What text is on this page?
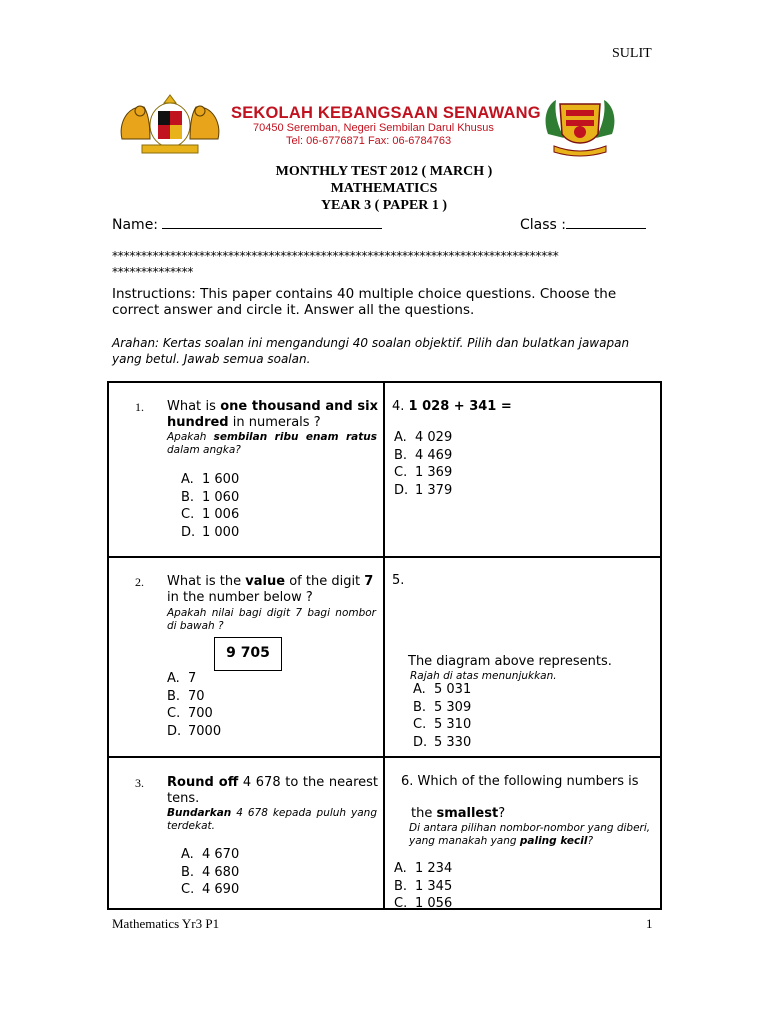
SULIT
SEKOLAH KEBANGSAAN SENAWANG
70450 Seremban, Negeri Sembilan Darul Khusus
Tel: 06-6776871 Fax: 06-6784763
MONTHLY TEST 2012 ( MARCH )
MATHEMATICS
YEAR 3 ( PAPER 1 )
Name:	Class :
*****************************************************************************
**************
Instructions: This paper contains 40 multiple choice questions. Choose the correct answer and circle it. Answer all the questions.
Arahan: Kertas soalan ini mengandungi 40 soalan objektif. Pilih dan bulatkan jawapan yang betul. Jawab semua soalan.
1. What is one thousand and six hundred in numerals ?
Apakah sembilan ribu enam ratus dalam angka?
A. 1 600
B. 1 060
C. 1 006
D. 1 000
4. 1 028 + 341 =
A. 4 029
B. 4 469
C. 1 369
D. 1 379
2. What is the value of the digit 7 in the number below ?
Apakah nilai bagi digit 7 bagi nombor di bawah ?
9 705
A. 7
B. 70
C. 700
D. 7000
5.
The diagram above represents.
Rajah di atas menunjukkan.
A. 5 031
B. 5 309
C. 5 310
D. 5 330
3. Round off 4 678 to the nearest tens.
Bundarkan 4 678 kepada puluh yang terdekat.
A. 4 670
B. 4 680
C. 4 690
6. Which of the following numbers is
the smallest?
Di antara pilihan nombor-nombor yang diberi, yang manakah yang paling kecil?
A. 1 234
B. 1 345
C. 1 056
Mathematics Yr3 P1	1
